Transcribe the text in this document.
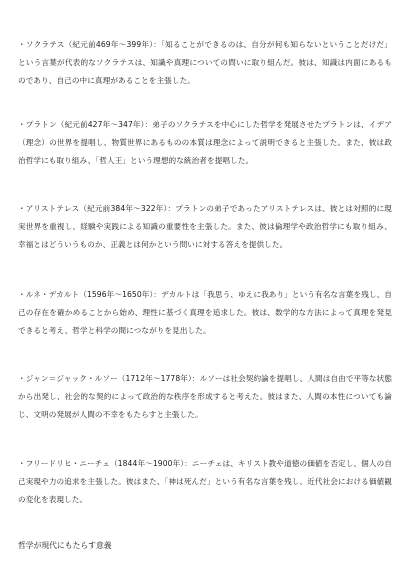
・ソクラテス（紀元前469年〜399年）：「知ることができるのは、自分が何も知らないということだけだ」という言葉が代表的なソクラテスは、知識や真理についての問いに取り組んだ。彼は、知識は内面にあるものであり、自己の中に真理があることを主張した。

・プラトン（紀元前427年〜347年）：弟子のソクラテスを中心にした哲学を発展させたプラトンは、イデア（理念）の世界を提唱し、物質世界にあるものの本質は理念によって説明できると主張した。また、彼は政治哲学にも取り組み、「哲人王」という理想的な統治者を提唱した。

・アリストテレス（紀元前384年〜322年）：プラトンの弟子であったアリストテレスは、彼とは対照的に現実世界を重視し、経験や実践による知識の重要性を主張した。また、彼は倫理学や政治哲学にも取り組み、幸福とはどういうものか、正義とは何かという問いに対する答えを提供した。

・ルネ・デカルト（1596年〜1650年）：デカルトは「我思う、ゆえに我あり」という有名な言葉を残し、自己の存在を確かめることから始め、理性に基づく真理を追求した。彼は、数学的な方法によって真理を発見できると考え、哲学と科学の間につながりを見出した。

・ジャン＝ジャック・ルソー（1712年〜1778年）：ルソーは社会契約論を提唱し、人間は自由で平等な状態から出発し、社会的な契約によって政治的な秩序を形成すると考えた。彼はまた、人間の本性についても論じ、文明の発展が人間の不幸をもたらすと主張した。

・フリードリヒ・ニーチェ（1844年〜1900年）：ニーチェは、キリスト教や道徳の価値を否定し、個人の自己実現や力の追求を主張した。彼はまた、「神は死んだ」という有名な言葉を残し、近代社会における価値観の変化を表現した。

哲学が現代にもたらす意義
